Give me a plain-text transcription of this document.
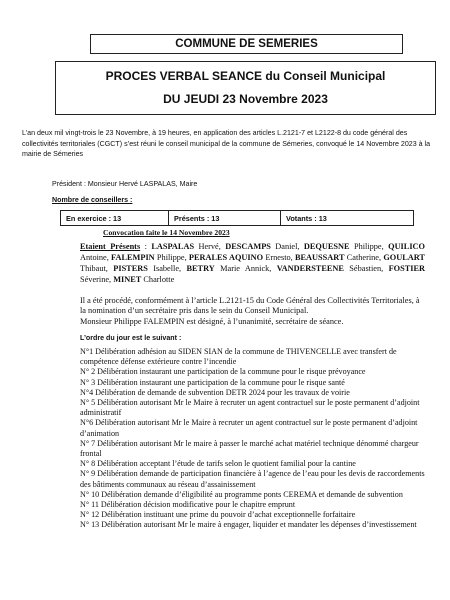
COMMUNE DE SEMERIES
PROCES VERBAL SEANCE du Conseil Municipal
DU JEUDI 23 Novembre 2023
L’an deux mil vingt-trois le 23 Novembre, à 19 heures, en application des articles L.2121-7 et L2122-8 du code général des collectivités territoriales (CGCT) s’est réuni le conseil municipal de la commune de Sémeries, convoqué le 14 Novembre 2023 à la mairie de Sémeries
Président : Monsieur Hervé LASPALAS, Maire
Nombre de conseillers :
En exercice : 13	Présents : 13	Votants : 13
Convocation faite le 14 Novembre 2023
Etaient Présents : LASPALAS Hervé, DESCAMPS Daniel, DEQUESNE Philippe, QUILICO Antoine, FALEMPIN Philippe, PERALES AQUINO Ernesto, BEAUSSART Catherine, GOULART Thibaut, PISTERS Isabelle, BETRY Marie Annick, VANDERSTEENE Sébastien, FOSTIER Séverine, MINET Charlotte
Il a été procédé, conformément à l’article L.2121-15 du Code Général des Collectivités Territoriales, à la nomination d’un secrétaire pris dans le sein du Conseil Municipal.
Monsieur Philippe FALEMPIN est désigné, à l’unanimité, secrétaire de séance.
L’ordre du jour est le suivant :
N°1 Délibération adhésion au SIDEN SIAN de la commune de THIVENCELLE avec transfert de compétence défense extérieure contre l’incendie
N° 2 Délibération instaurant une participation de la commune pour le risque prévoyance
N° 3 Délibération instaurant une participation de la commune pour le risque santé
N°4 Délibération de demande de subvention DETR 2024 pour les travaux de voirie
N° 5 Délibération autorisant Mr le Maire à recruter un agent contractuel sur le poste permanent d’adjoint administratif
N°6 Délibération autorisant Mr le Maire à recruter un agent contractuel sur le poste permanent d’adjoint d’animation
N° 7 Délibération autorisant Mr le maire à passer le marché achat matériel technique dénommé chargeur frontal
N° 8 Délibération acceptant l’étude de tarifs selon le quotient familial pour la cantine
N° 9 Délibération demande de participation financière à l’agence de l’eau pour les devis de raccordements des bâtiments communaux au réseau d’assainissement
N° 10 Délibération demande d’éligibilité au programme ponts CEREMA et demande de subvention
N° 11 Délibération décision modificative pour le chapitre emprunt
N° 12 Délibération instituant une prime du pouvoir d’achat exceptionnelle forfaitaire
N° 13 Délibération autorisant Mr le maire à engager, liquider et mandater les dépenses d’investissement
